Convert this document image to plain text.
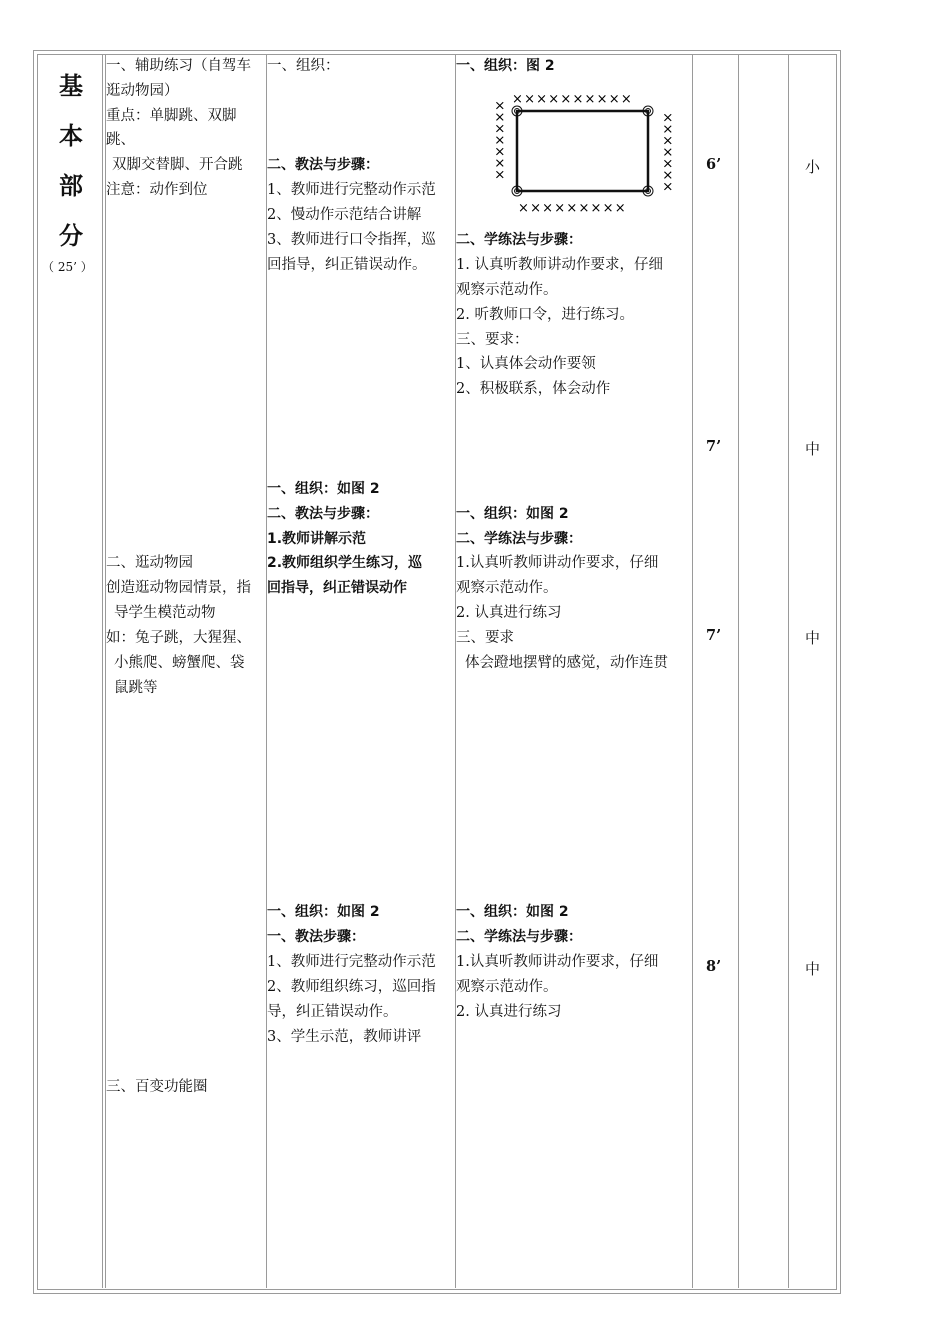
基
本
部
分
（ 25’ ）
一、辅助练习（自驾车
逛动物园）
重点：单脚跳、双脚
跳、
双脚交替脚、开合跳
注意：动作到位
二、逛动物园
创造逛动物园情景，指
导学生模范动物
如：兔子跳，大猩猩、
小熊爬、螃蟹爬、袋
鼠跳等
三、百变功能圈
一、组织：
二、教法与步骤：
1、教师进行完整动作示范
2、慢动作示范结合讲解
3、教师进行口令指挥，巡
回指导，纠正错误动作。
一、组织：如图 2
二、教法与步骤：
1.教师讲解示范
2.教师组织学生练习，巡
回指导，纠正错误动作
一、组织：如图 2
一、教法步骤：
1、教师进行完整动作示范
2、教师组织练习，巡回指
导，纠正错误动作。
3、学生示范，教师讲评
一、组织：图 2
二、学练法与步骤：
1. 认真听教师讲动作要求，仔细
观察示范动作。
2. 听教师口令，进行练习。
三、要求：
1、认真体会动作要领
2、积极联系，体会动作
××××××××××
×××××××××
×××××××	×××××××
一、组织：如图 2
二、学练法与步骤：
1.认真听教师讲动作要求，仔细
观察示范动作。
2. 认真进行练习
三、要求
体会蹬地摆臂的感觉，动作连贯
一、组织：如图 2
二、学练法与步骤：
1.认真听教师讲动作要求，仔细
观察示范动作。
2. 认真进行练习
6’
7’
7’
8’
小
中
中
中
